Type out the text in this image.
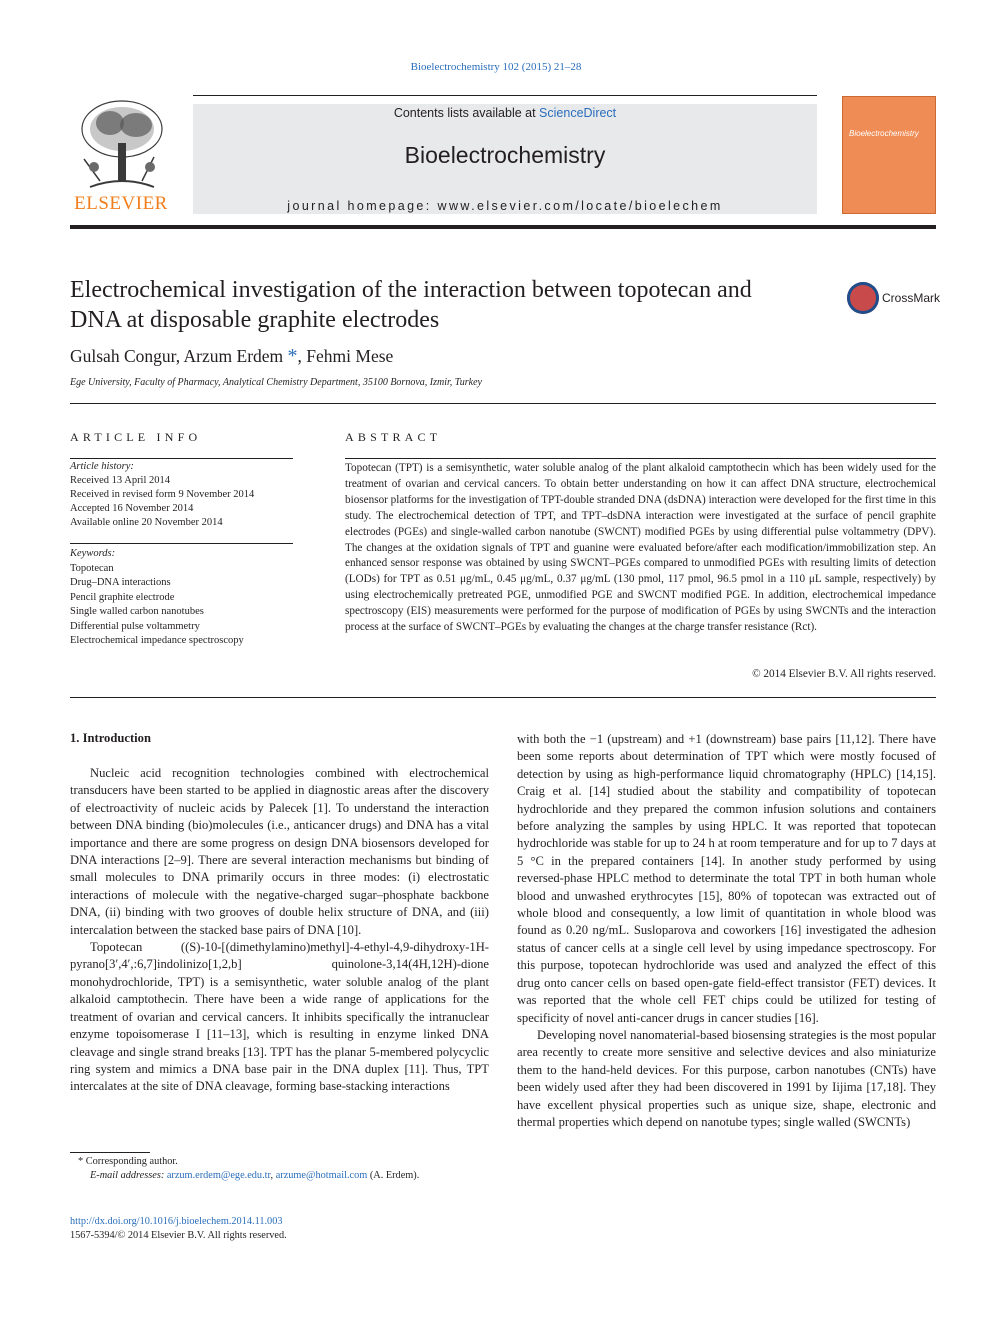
Bioelectrochemistry 102 (2015) 21–28
ELSEVIER
Contents lists available at ScienceDirect
Bioelectrochemistry
journal homepage: www.elsevier.com/locate/bioelechem
Bioelectrochemistry
Electrochemical investigation of the interaction between topotecan and DNA at disposable graphite electrodes
CrossMark
Gulsah Congur, Arzum Erdem *, Fehmi Mese
Ege University, Faculty of Pharmacy, Analytical Chemistry Department, 35100 Bornova, Izmir, Turkey
ARTICLE INFO	ABSTRACT
Article history:
Received 13 April 2014
Received in revised form 9 November 2014
Accepted 16 November 2014
Available online 20 November 2014
Keywords:
Topotecan
Drug–DNA interactions
Pencil graphite electrode
Single walled carbon nanotubes
Differential pulse voltammetry
Electrochemical impedance spectroscopy
Topotecan (TPT) is a semisynthetic, water soluble analog of the plant alkaloid camptothecin which has been widely used for the treatment of ovarian and cervical cancers. To obtain better understanding on how it can affect DNA structure, electrochemical biosensor platforms for the investigation of TPT-double stranded DNA (dsDNA) interaction were developed for the first time in this study. The electrochemical detection of TPT, and TPT–dsDNA interaction were investigated at the surface of pencil graphite electrodes (PGEs) and single-walled carbon nanotube (SWCNT) modified PGEs by using differential pulse voltammetry (DPV). The changes at the oxidation signals of TPT and guanine were evaluated before/after each modification/immobilization step. An enhanced sensor response was obtained by using SWCNT–PGEs compared to unmodified PGEs with resulting limits of detection (LODs) for TPT as 0.51 μg/mL, 0.45 μg/mL, 0.37 μg/mL (130 pmol, 117 pmol, 96.5 pmol in a 110 μL sample, respectively) by using electrochemically pretreated PGE, unmodified PGE and SWCNT modified PGE. In addition, electrochemical impedance spectroscopy (EIS) measurements were performed for the purpose of modification of PGEs by using SWCNTs and the interaction process at the surface of SWCNT–PGEs by evaluating the changes at the charge transfer resistance (Rct).
© 2014 Elsevier B.V. All rights reserved.
1. Introduction

Nucleic acid recognition technologies combined with electrochemical transducers have been started to be applied in diagnostic areas after the discovery of electroactivity of nucleic acids by Palecek [1]. To understand the interaction between DNA binding (bio)molecules (i.e., anticancer drugs) and DNA has a vital importance and there are some progress on design DNA biosensors developed for DNA interactions [2–9]. There are several interaction mechanisms but binding of small molecules to DNA primarily occurs in three modes: (i) electrostatic interactions of molecule with the negative-charged sugar–phosphate backbone DNA, (ii) binding with two grooves of double helix structure of DNA, and (iii) intercalation between the stacked base pairs of DNA [10].

Topotecan ((S)-10-[(dimethylamino)methyl]-4-ethyl-4,9-dihydroxy-1H-pyrano[3′,4′,:6,7]indolinizo[1,2,b] quinolone-3,14(4H,12H)-dione monohydrochloride, TPT) is a semisynthetic, water soluble analog of the plant alkaloid camptothecin. There have been a wide range of applications for the treatment of ovarian and cervical cancers. It inhibits specifically the intranuclear enzyme topoisomerase I [11–13], which is resulting in enzyme linked DNA cleavage and single strand breaks [13]. TPT has the planar 5-membered polycyclic ring system and mimics a DNA base pair in the DNA duplex [11]. Thus, TPT intercalates at the site of DNA cleavage, forming base-stacking interactions

with both the −1 (upstream) and +1 (downstream) base pairs [11,12]. There have been some reports about determination of TPT which were mostly focused of detection by using as high-performance liquid chromatography (HPLC) [14,15]. Craig et al. [14] studied about the stability and compatibility of topotecan hydrochloride and they prepared the common infusion solutions and containers before analyzing the samples by using HPLC. It was reported that topotecan hydrochloride was stable for up to 24 h at room temperature and for up to 7 days at 5 °C in the prepared containers [14]. In another study performed by using reversed-phase HPLC method to determinate the total TPT in both human whole blood and unwashed erythrocytes [15], 80% of topotecan was extracted out of whole blood and consequently, a low limit of quantitation in whole blood was found as 0.20 ng/mL. Susloparova and coworkers [16] investigated the adhesion status of cancer cells at a single cell level by using impedance spectroscopy. For this purpose, topotecan hydrochloride was used and analyzed the effect of this drug onto cancer cells on based open-gate field-effect transistor (FET) devices. It was reported that the whole cell FET chips could be utilized for testing of specificity of novel anti-cancer drugs in cancer studies [16].

Developing novel nanomaterial-based biosensing strategies is the most popular area recently to create more sensitive and selective devices and also miniaturize them to the hand-held devices. For this purpose, carbon nanotubes (CNTs) have been widely used after they had been discovered in 1991 by Iijima [17,18]. They have excellent physical properties such as unique size, shape, electronic and thermal properties which depend on nanotube types; single walled (SWCNTs)

* Corresponding author.
E-mail addresses: arzum.erdem@ege.edu.tr, arzume@hotmail.com (A. Erdem).
http://dx.doi.org/10.1016/j.bioelechem.2014.11.003
1567-5394/© 2014 Elsevier B.V. All rights reserved.
